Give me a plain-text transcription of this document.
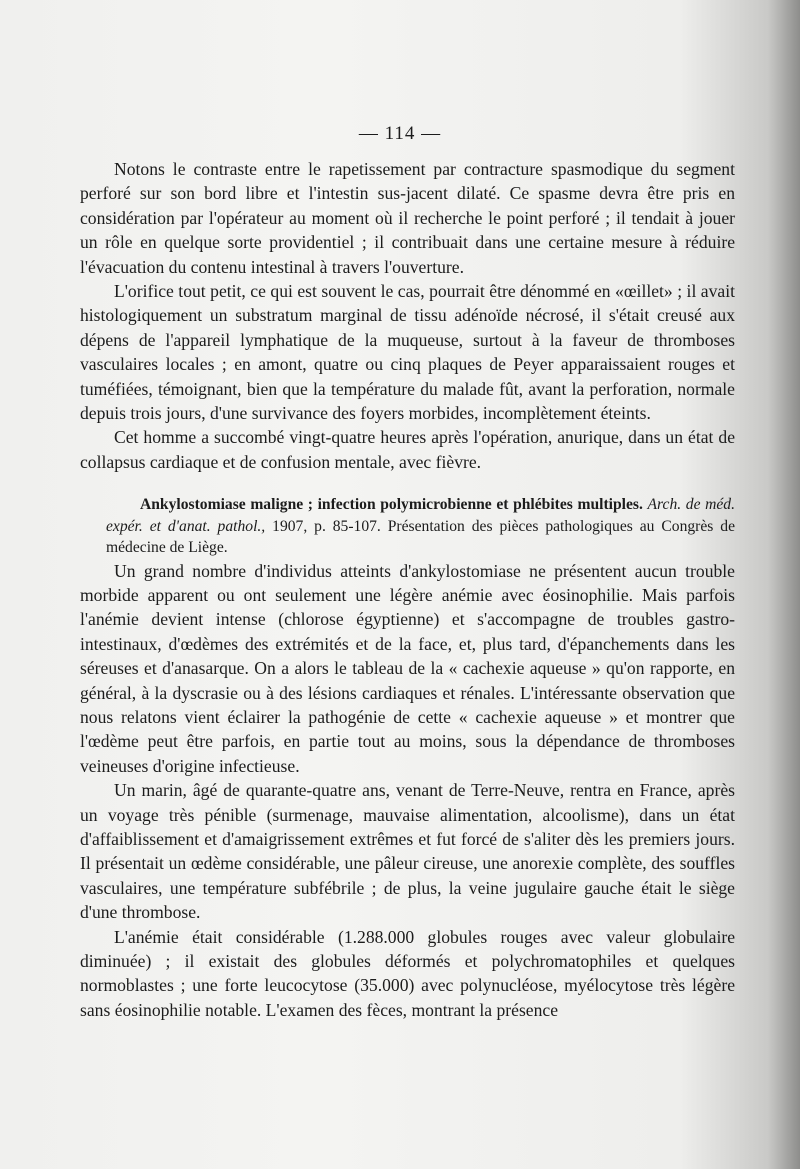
— 114 —

Notons le contraste entre le rapetissement par contracture spasmodique du segment perforé sur son bord libre et l'intestin sus-jacent dilaté. Ce spasme devra être pris en considération par l'opérateur au moment où il recherche le point perforé ; il tendait à jouer un rôle en quelque sorte providentiel ; il contribuait dans une certaine mesure à réduire l'évacuation du contenu intestinal à travers l'ouverture.

L'orifice tout petit, ce qui est souvent le cas, pourrait être dénommé en «œillet» ; il avait histologiquement un substratum marginal de tissu adénoïde nécrosé, il s'était creusé aux dépens de l'appareil lymphatique de la muqueuse, surtout à la faveur de thromboses vasculaires locales ; en amont, quatre ou cinq plaques de Peyer apparaissaient rouges et tuméfiées, témoignant, bien que la température du malade fût, avant la perforation, normale depuis trois jours, d'une survivance des foyers morbides, incomplètement éteints.

Cet homme a succombé vingt-quatre heures après l'opération, anurique, dans un état de collapsus cardiaque et de confusion mentale, avec fièvre.

Ankylostomiase maligne ; infection polymicrobienne et phlébites multiples. Arch. de méd. expér. et d'anat. pathol., 1907, p. 85-107. Présentation des pièces pathologiques au Congrès de médecine de Liège.

Un grand nombre d'individus atteints d'ankylostomiase ne présentent aucun trouble morbide apparent ou ont seulement une légère anémie avec éosinophilie. Mais parfois l'anémie devient intense (chlorose égyptienne) et s'accompagne de troubles gastro-intestinaux, d'œdèmes des extrémités et de la face, et, plus tard, d'épanchements dans les séreuses et d'anasarque. On a alors le tableau de la « cachexie aqueuse » qu'on rapporte, en général, à la dyscrasie ou à des lésions cardiaques et rénales. L'intéressante observation que nous relatons vient éclairer la pathogénie de cette « cachexie aqueuse » et montrer que l'œdème peut être parfois, en partie tout au moins, sous la dépendance de thromboses veineuses d'origine infectieuse.

Un marin, âgé de quarante-quatre ans, venant de Terre-Neuve, rentra en France, après un voyage très pénible (surmenage, mauvaise alimentation, alcoolisme), dans un état d'affaiblissement et d'amaigrissement extrêmes et fut forcé de s'aliter dès les premiers jours. Il présentait un œdème considérable, une pâleur cireuse, une anorexie complète, des souffles vasculaires, une température subfébrile ; de plus, la veine jugulaire gauche était le siège d'une thrombose.

L'anémie était considérable (1.288.000 globules rouges avec valeur globulaire diminuée) ; il existait des globules déformés et polychromatophiles et quelques normoblastes ; une forte leucocytose (35.000) avec polynucléose, myélocytose très légère sans éosinophilie notable. L'examen des fèces, montrant la présence
